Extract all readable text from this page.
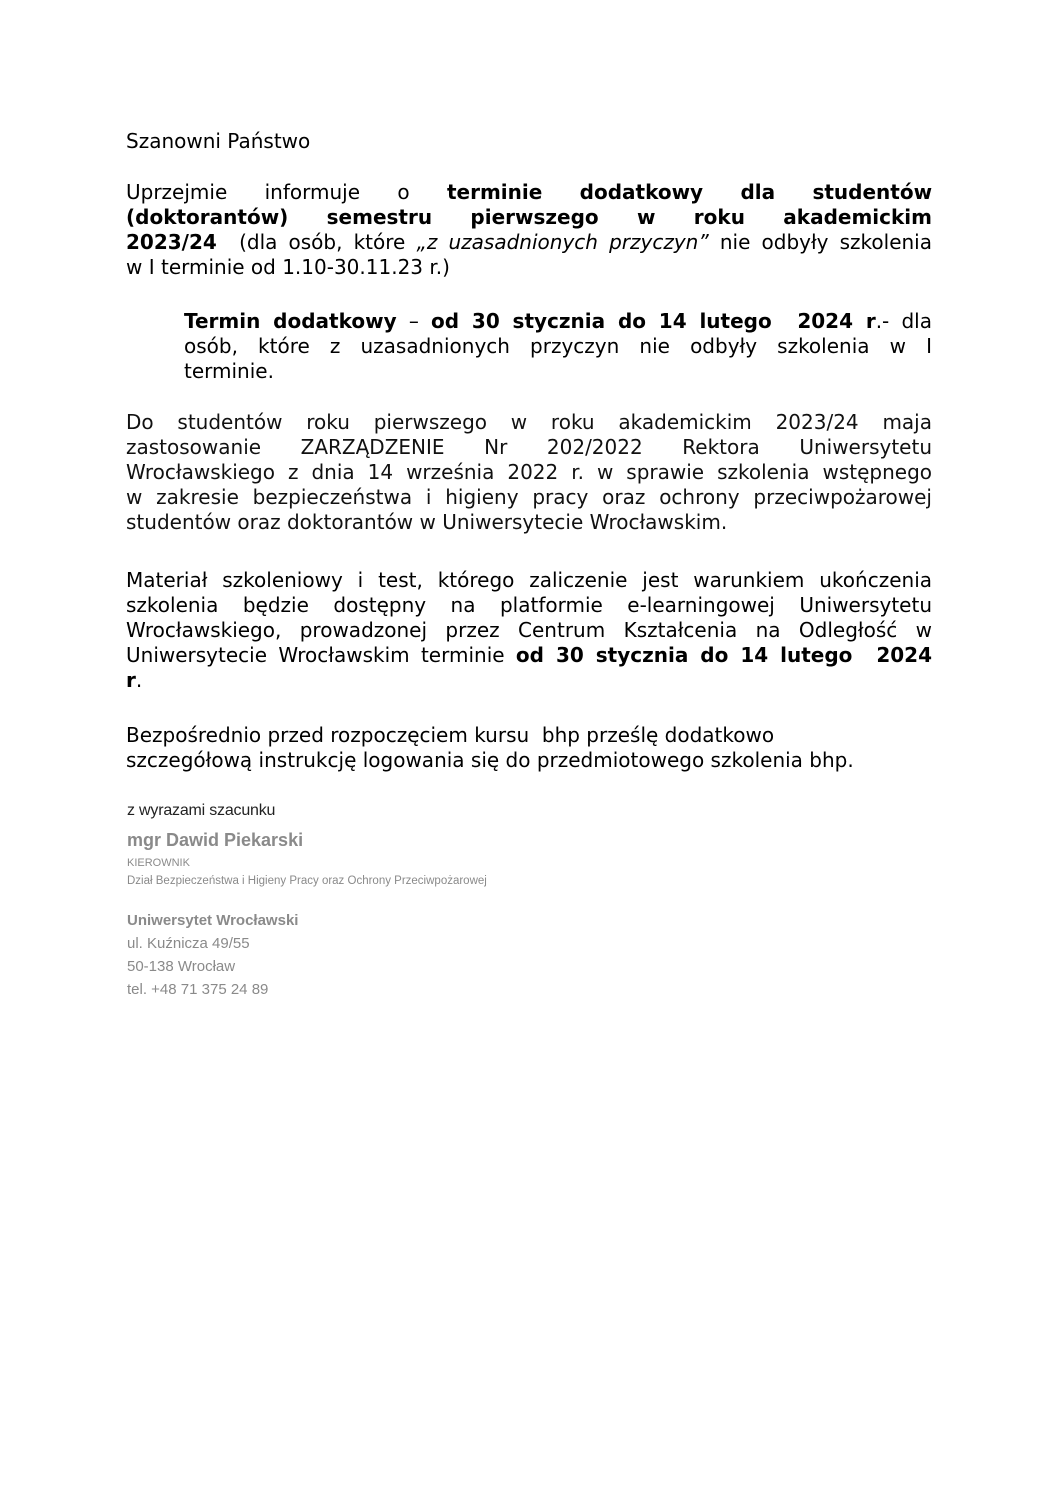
Szanowni Państwo
Uprzejmie informuje o terminie dodatkowy dla studentów
(doktorantów) semestru pierwszego w roku akademickim
2023/24  (dla osób, które „z uzasadnionych przyczyn” nie odbyły szkolenia
w I terminie od 1.10-30.11.23 r.)
Termin dodatkowy – od 30 stycznia do 14 lutego  2024 r.- dla
osób, które z uzasadnionych przyczyn nie odbyły szkolenia w I
terminie.
Do studentów roku pierwszego w roku akademickim 2023/24 maja
zastosowanie ZARZĄDZENIE Nr 202/2022 Rektora Uniwersytetu
Wrocławskiego z dnia 14 września 2022 r. w sprawie szkolenia wstępnego
w zakresie bezpieczeństwa i higieny pracy oraz ochrony przeciwpożarowej
studentów oraz doktorantów w Uniwersytecie Wrocławskim.
Materiał szkoleniowy i test, którego zaliczenie jest warunkiem ukończenia
szkolenia będzie dostępny na platformie e-learningowej Uniwersytetu
Wrocławskiego, prowadzonej przez Centrum Kształcenia na Odległość w
Uniwersytecie Wrocławskim terminie od 30 stycznia do 14 lutego  2024
r.
Bezpośrednio przed rozpoczęciem kursu  bhp prześlę dodatkowo
szczegółową instrukcję logowania się do przedmiotowego szkolenia bhp.
z wyrazami szacunku
mgr Dawid Piekarski
KIEROWNIK
Dział Bezpieczeństwa i Higieny Pracy oraz Ochrony Przeciwpożarowej
Uniwersytet Wrocławski
ul. Kuźnicza 49/55
50-138 Wrocław
tel. +48 71 375 24 89
